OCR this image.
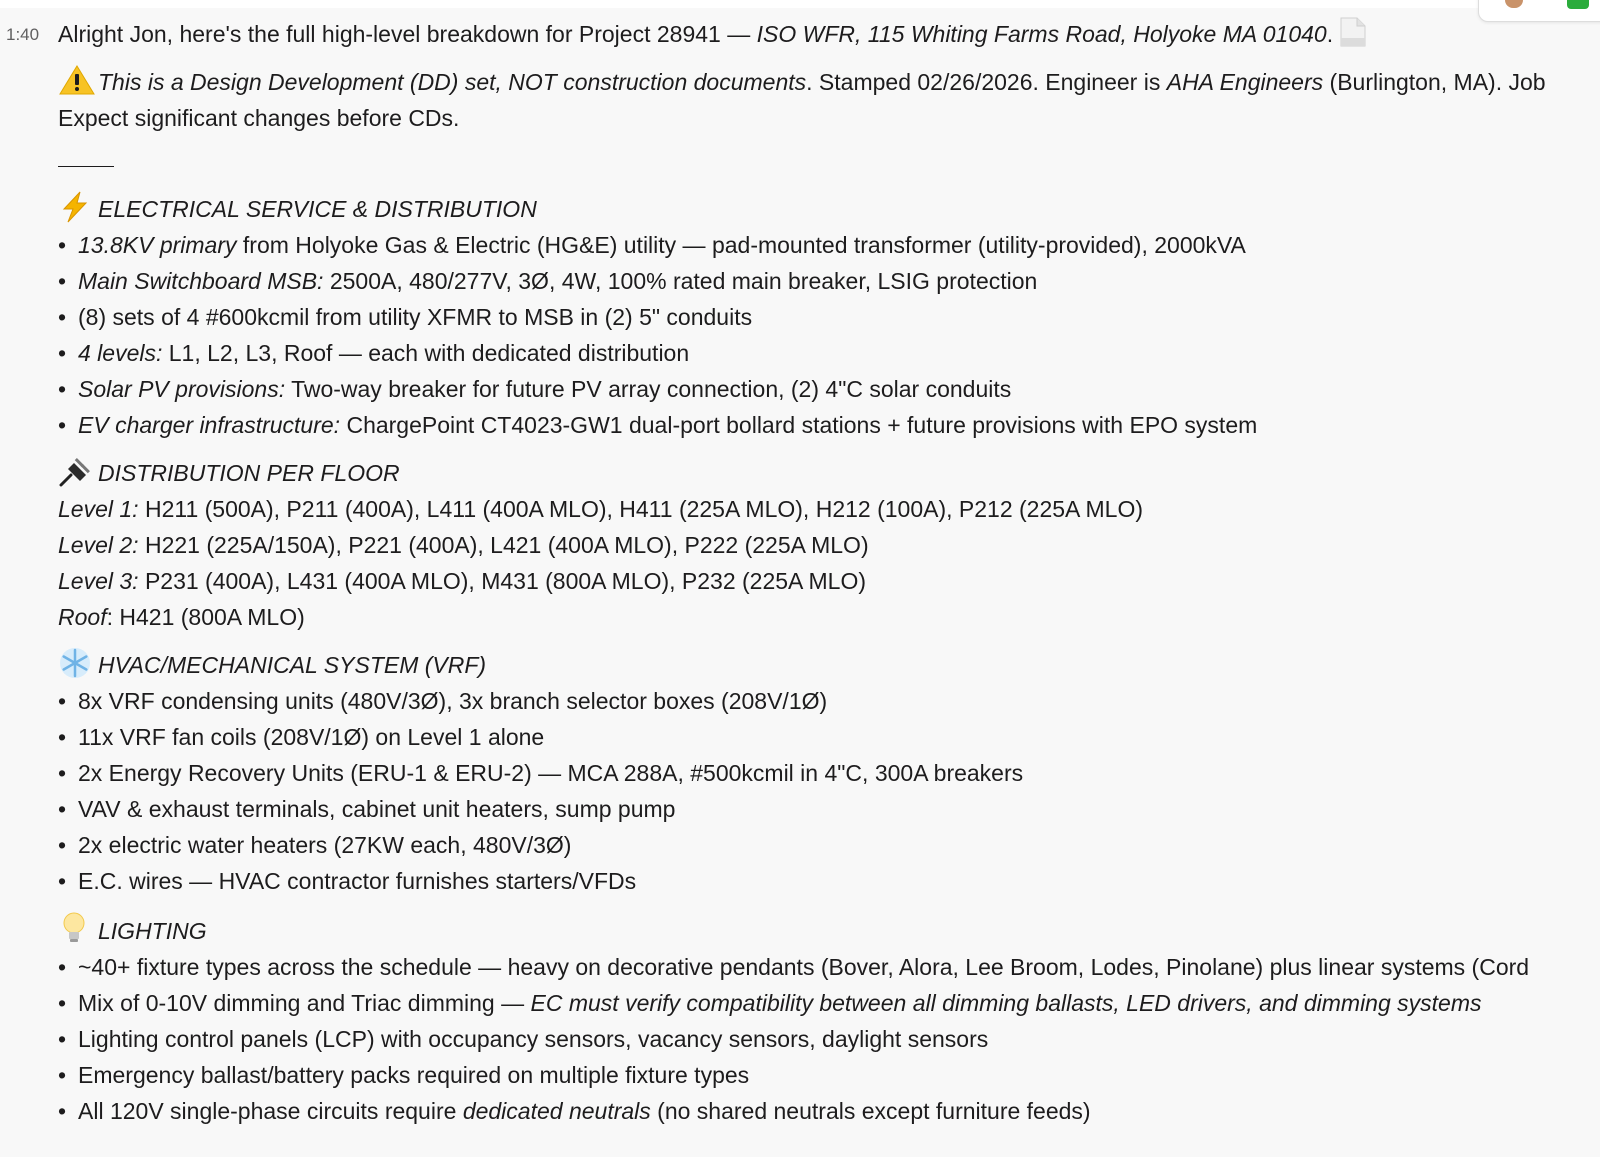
1:40 Alright Jon, here's the full high-level breakdown for Project 28941 — ISO WFR, 115 Whiting Farms Road, Holyoke MA 01040.
This is a Design Development (DD) set, NOT construction documents. Stamped 02/26/2026. Engineer is AHA Engineers (Burlington, MA). Job
Expect significant changes before CDs.
ELECTRICAL SERVICE & DISTRIBUTION
• 13.8KV primary from Holyoke Gas & Electric (HG&E) utility — pad-mounted transformer (utility-provided), 2000kVA
• Main Switchboard MSB: 2500A, 480/277V, 3Ø, 4W, 100% rated main breaker, LSIG protection
• (8) sets of 4 #600kcmil from utility XFMR to MSB in (2) 5" conduits
• 4 levels: L1, L2, L3, Roof — each with dedicated distribution
• Solar PV provisions: Two-way breaker for future PV array connection, (2) 4"C solar conduits
• EV charger infrastructure: ChargePoint CT4023-GW1 dual-port bollard stations + future provisions with EPO system
DISTRIBUTION PER FLOOR
Level 1: H211 (500A), P211 (400A), L411 (400A MLO), H411 (225A MLO), H212 (100A), P212 (225A MLO)
Level 2: H221 (225A/150A), P221 (400A), L421 (400A MLO), P222 (225A MLO)
Level 3: P231 (400A), L431 (400A MLO), M431 (800A MLO), P232 (225A MLO)
Roof: H421 (800A MLO)
HVAC/MECHANICAL SYSTEM (VRF)
• 8x VRF condensing units (480V/3Ø), 3x branch selector boxes (208V/1Ø)
• 11x VRF fan coils (208V/1Ø) on Level 1 alone
• 2x Energy Recovery Units (ERU-1 & ERU-2) — MCA 288A, #500kcmil in 4"C, 300A breakers
• VAV & exhaust terminals, cabinet unit heaters, sump pump
• 2x electric water heaters (27KW each, 480V/3Ø)
• E.C. wires — HVAC contractor furnishes starters/VFDs
LIGHTING
• ~40+ fixture types across the schedule — heavy on decorative pendants (Bover, Alora, Lee Broom, Lodes, Pinolane) plus linear systems (Cord
• Mix of 0-10V dimming and Triac dimming — EC must verify compatibility between all dimming ballasts, LED drivers, and dimming systems
• Lighting control panels (LCP) with occupancy sensors, vacancy sensors, daylight sensors
• Emergency ballast/battery packs required on multiple fixture types
• All 120V single-phase circuits require dedicated neutrals (no shared neutrals except furniture feeds)
